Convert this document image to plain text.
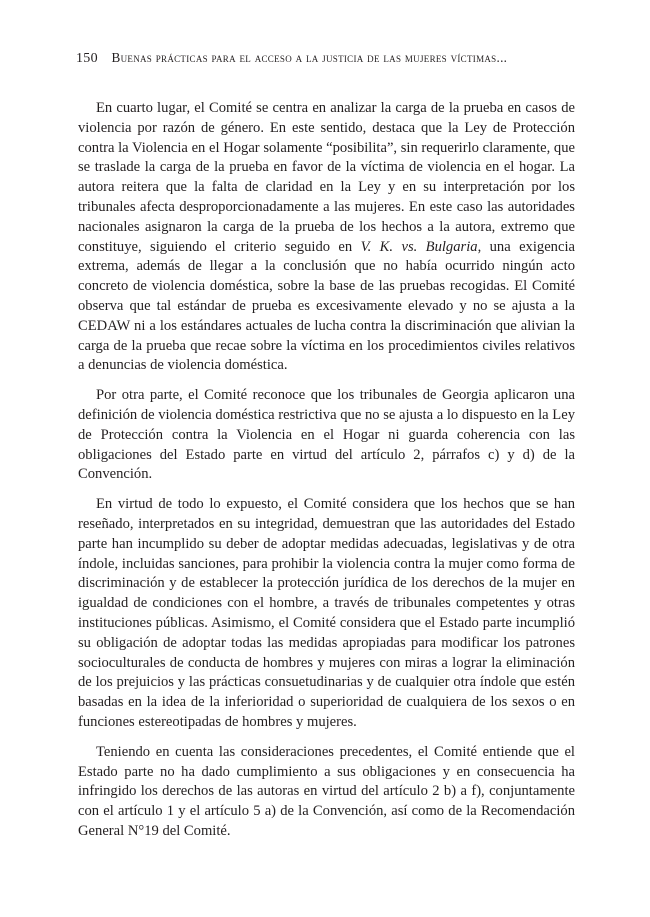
150 Buenas prácticas para el acceso a la justicia de las mujeres víctimas...

En cuarto lugar, el Comité se centra en analizar la carga de la prueba en casos de violencia por razón de género. En este sentido, destaca que la Ley de Protección contra la Violencia en el Hogar solamente “posibilita”, sin requerirlo claramente, que se traslade la carga de la prueba en favor de la víctima de violencia en el hogar. La autora reitera que la falta de claridad en la Ley y en su interpretación por los tribunales afecta desproporcionadamente a las mujeres. En este caso las autoridades nacionales asignaron la carga de la prueba de los hechos a la autora, extremo que constituye, siguiendo el criterio seguido en V. K. vs. Bulgaria, una exigencia extrema, además de llegar a la conclusión que no había ocurrido ningún acto concreto de violencia doméstica, sobre la base de las pruebas recogidas. El Comité observa que tal estándar de prueba es excesivamente elevado y no se ajusta a la CEDAW ni a los estándares actuales de lucha contra la discriminación que alivian la carga de la prueba que recae sobre la víctima en los procedimientos civiles relativos a denuncias de violencia doméstica.

Por otra parte, el Comité reconoce que los tribunales de Georgia aplicaron una definición de violencia doméstica restrictiva que no se ajusta a lo dispuesto en la Ley de Protección contra la Violencia en el Hogar ni guarda coherencia con las obligaciones del Estado parte en virtud del artículo 2, párrafos c) y d) de la Convención.

En virtud de todo lo expuesto, el Comité considera que los hechos que se han reseñado, interpretados en su integridad, demuestran que las autoridades del Estado parte han incumplido su deber de adoptar medidas adecuadas, legislativas y de otra índole, incluidas sanciones, para prohibir la violencia contra la mujer como forma de discriminación y de establecer la protección jurídica de los derechos de la mujer en igualdad de condiciones con el hombre, a través de tribunales competentes y otras instituciones públicas. Asimismo, el Comité considera que el Estado parte incumplió su obligación de adoptar todas las medidas apropiadas para modificar los patrones socioculturales de conducta de hombres y mujeres con miras a lograr la eliminación de los prejuicios y las prácticas consuetudinarias y de cualquier otra índole que estén basadas en la idea de la inferioridad o superioridad de cualquiera de los sexos o en funciones estereotipadas de hombres y mujeres.

Teniendo en cuenta las consideraciones precedentes, el Comité entiende que el Estado parte no ha dado cumplimiento a sus obligaciones y en consecuencia ha infringido los derechos de las autoras en virtud del artículo 2 b) a f), conjuntamente con el artículo 1 y el artículo 5 a) de la Convención, así como de la Recomendación General N°19 del Comité.
